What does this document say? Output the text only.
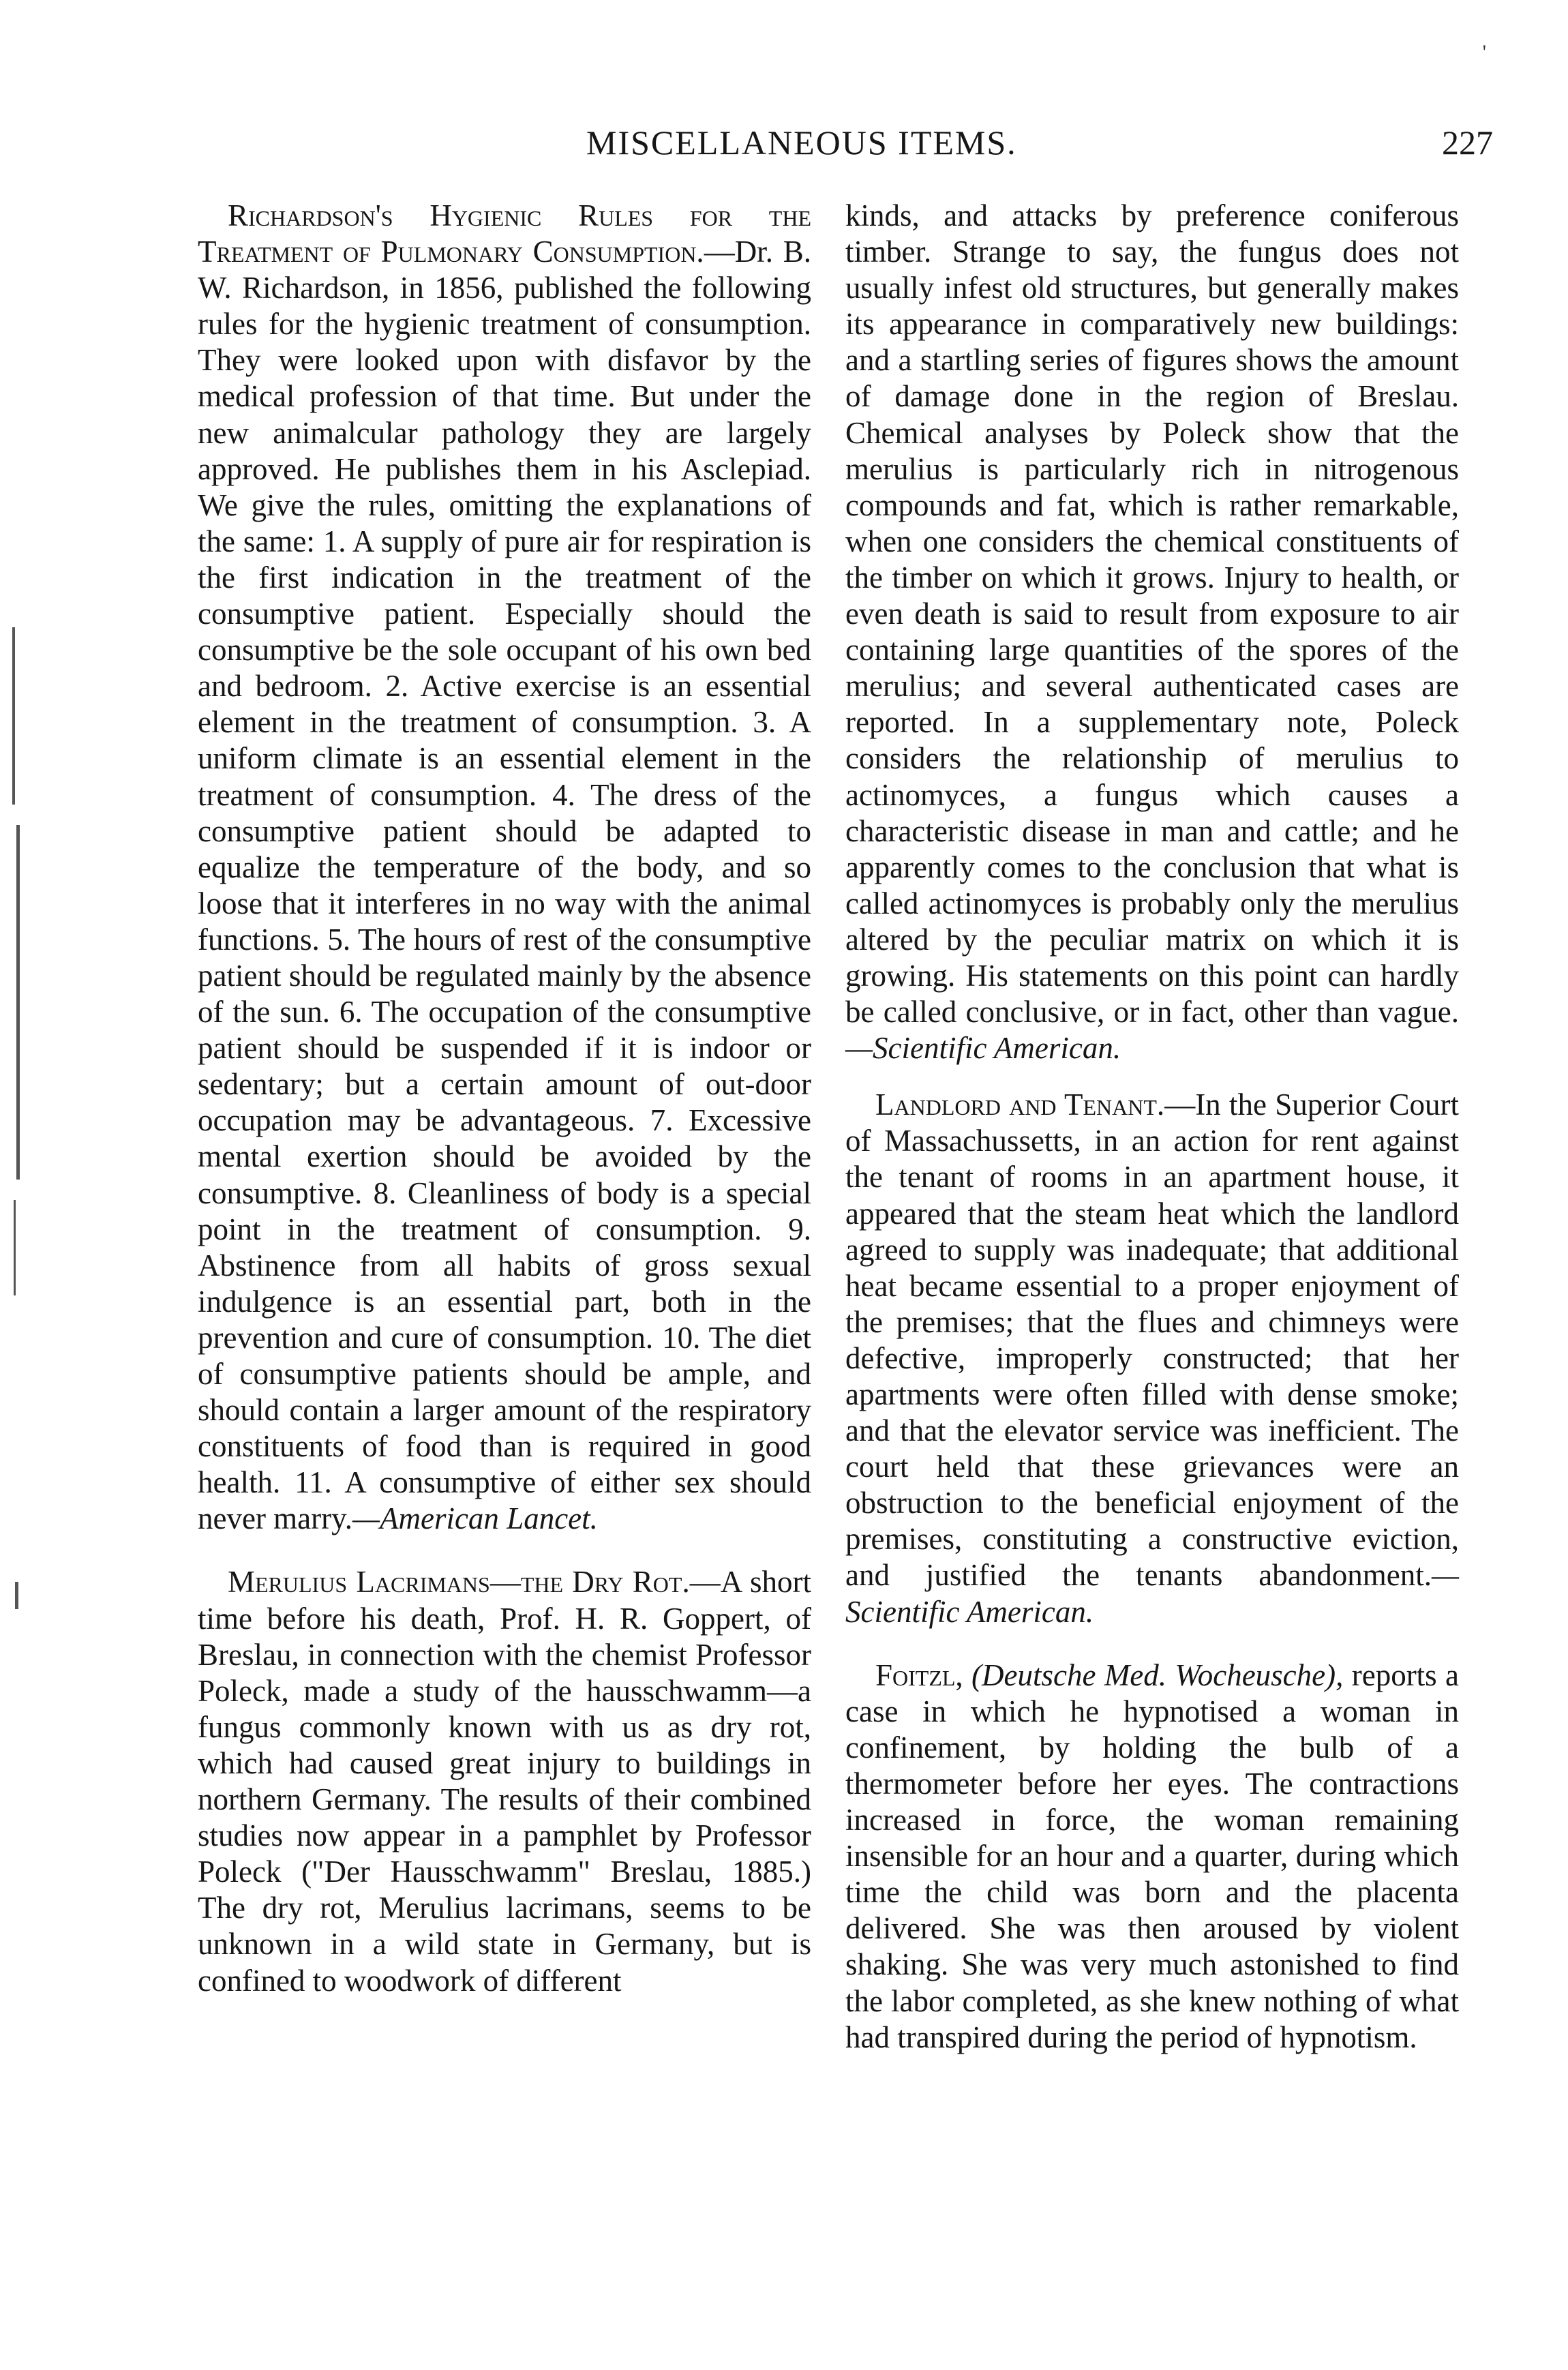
'
MISCELLANEOUS ITEMS.	227

Richardson's Hygienic Rules for the Treatment of Pulmonary Consumption.—Dr. B. W. Richardson, in 1856, published the following rules for the hygienic treatment of consumption. They were looked upon with disfavor by the medical profession of that time. But under the new animalcular pathology they are largely approved. He publishes them in his Asclepiad. We give the rules, omitting the explanations of the same: 1. A supply of pure air for respiration is the first indication in the treatment of the consumptive patient. Especially should the consumptive be the sole occupant of his own bed and bedroom. 2. Active exercise is an essential element in the treatment of consumption. 3. A uniform climate is an essential element in the treatment of consumption. 4. The dress of the consumptive patient should be adapted to equalize the temperature of the body, and so loose that it interferes in no way with the animal functions. 5. The hours of rest of the consumptive patient should be regulated mainly by the absence of the sun. 6. The occupation of the consumptive patient should be suspended if it is indoor or sedentary; but a certain amount of out-door occupation may be advantageous. 7. Excessive mental exertion should be avoided by the consumptive. 8. Cleanliness of body is a special point in the treatment of consumption. 9. Abstinence from all habits of gross sexual indulgence is an essential part, both in the prevention and cure of consumption. 10. The diet of consumptive patients should be ample, and should contain a larger amount of the respiratory constituents of food than is required in good health. 11. A consumptive of either sex should never marry.—American Lancet.

Merulius Lacrimans—the Dry Rot.—A short time before his death, Prof. H. R. Goppert, of Breslau, in connection with the chemist Professor Poleck, made a study of the hausschwamm—a fungus commonly known with us as dry rot, which had caused great injury to buildings in northern Germany. The results of their combined studies now appear in a pamphlet by Professor Poleck ("Der Hausschwamm" Breslau, 1885.) The dry rot, Merulius lacrimans, seems to be unknown in a wild state in Germany, but is confined to woodwork of different

kinds, and attacks by preference coniferous timber. Strange to say, the fungus does not usually infest old structures, but generally makes its appearance in comparatively new buildings: and a startling series of figures shows the amount of damage done in the region of Breslau. Chemical analyses by Poleck show that the merulius is particularly rich in nitrogenous compounds and fat, which is rather remarkable, when one considers the chemical constituents of the timber on which it grows. Injury to health, or even death is said to result from exposure to air containing large quantities of the spores of the merulius; and several authenticated cases are reported. In a supplementary note, Poleck considers the relationship of merulius to actinomyces, a fungus which causes a characteristic disease in man and cattle; and he apparently comes to the conclusion that what is called actinomyces is probably only the merulius altered by the peculiar matrix on which it is growing. His statements on this point can hardly be called conclusive, or in fact, other than vague.—Scientific American.

Landlord and Tenant.—In the Superior Court of Massachussetts, in an action for rent against the tenant of rooms in an apartment house, it appeared that the steam heat which the landlord agreed to supply was inadequate; that additional heat became essential to a proper enjoyment of the premises; that the flues and chimneys were defective, improperly constructed; that her apartments were often filled with dense smoke; and that the elevator service was inefficient. The court held that these grievances were an obstruction to the beneficial enjoyment of the premises, constituting a constructive eviction, and justified the tenants abandonment.—Scientific American.

Foitzl, (Deutsche Med. Wocheusche), reports a case in which he hypnotised a woman in confinement, by holding the bulb of a thermometer before her eyes. The contractions increased in force, the woman remaining insensible for an hour and a quarter, during which time the child was born and the placenta delivered. She was then aroused by violent shaking. She was very much astonished to find the labor completed, as she knew nothing of what had transpired during the period of hypnotism.
